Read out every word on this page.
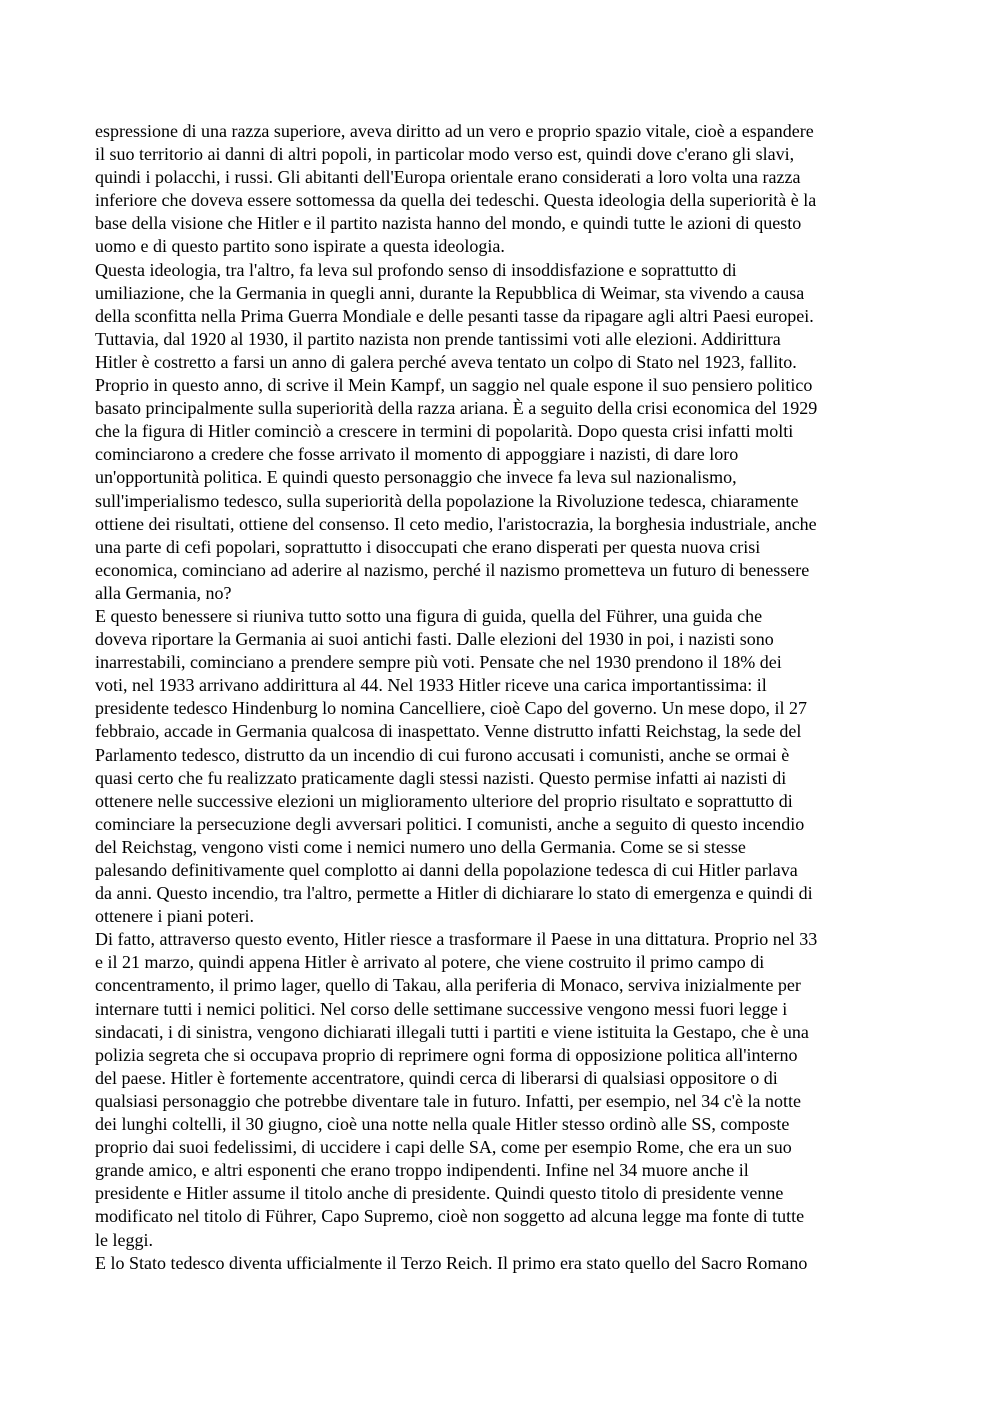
espressione di una razza superiore, aveva diritto ad un vero e proprio spazio vitale, cioè a espandere
il suo territorio ai danni di altri popoli, in particolar modo verso est, quindi dove c'erano gli slavi,
quindi i polacchi, i russi. Gli abitanti dell'Europa orientale erano considerati a loro volta una razza
inferiore che doveva essere sottomessa da quella dei tedeschi. Questa ideologia della superiorità è la
base della visione che Hitler e il partito nazista hanno del mondo, e quindi tutte le azioni di questo
uomo e di questo partito sono ispirate a questa ideologia.

Questa ideologia, tra l'altro, fa leva sul profondo senso di insoddisfazione e soprattutto di
umiliazione, che la Germania in quegli anni, durante la Repubblica di Weimar, sta vivendo a causa
della sconfitta nella Prima Guerra Mondiale e delle pesanti tasse da ripagare agli altri Paesi europei.
Tuttavia, dal 1920 al 1930, il partito nazista non prende tantissimi voti alle elezioni. Addirittura
Hitler è costretto a farsi un anno di galera perché aveva tentato un colpo di Stato nel 1923, fallito.
Proprio in questo anno, di scrive il Mein Kampf, un saggio nel quale espone il suo pensiero politico
basato principalmente sulla superiorità della razza ariana. È a seguito della crisi economica del 1929
che la figura di Hitler cominciò a crescere in termini di popolarità. Dopo questa crisi infatti molti
cominciarono a credere che fosse arrivato il momento di appoggiare i nazisti, di dare loro
un'opportunità politica. E quindi questo personaggio che invece fa leva sul nazionalismo,
sull'imperialismo tedesco, sulla superiorità della popolazione la Rivoluzione tedesca, chiaramente
ottiene dei risultati, ottiene del consenso. Il ceto medio, l'aristocrazia, la borghesia industriale, anche
una parte di cefi popolari, soprattutto i disoccupati che erano disperati per questa nuova crisi
economica, cominciano ad aderire al nazismo, perché il nazismo prometteva un futuro di benessere
alla Germania, no?

E questo benessere si riuniva tutto sotto una figura di guida, quella del Führer, una guida che
doveva riportare la Germania ai suoi antichi fasti. Dalle elezioni del 1930 in poi, i nazisti sono
inarrestabili, cominciano a prendere sempre più voti. Pensate che nel 1930 prendono il 18% dei
voti, nel 1933 arrivano addirittura al 44. Nel 1933 Hitler riceve una carica importantissima: il
presidente tedesco Hindenburg lo nomina Cancelliere, cioè Capo del governo. Un mese dopo, il 27
febbraio, accade in Germania qualcosa di inaspettato. Venne distrutto infatti Reichstag, la sede del
Parlamento tedesco, distrutto da un incendio di cui furono accusati i comunisti, anche se ormai è
quasi certo che fu realizzato praticamente dagli stessi nazisti. Questo permise infatti ai nazisti di
ottenere nelle successive elezioni un miglioramento ulteriore del proprio risultato e soprattutto di
cominciare la persecuzione degli avversari politici. I comunisti, anche a seguito di questo incendio
del Reichstag, vengono visti come i nemici numero uno della Germania. Come se si stesse
palesando definitivamente quel complotto ai danni della popolazione tedesca di cui Hitler parlava
da anni. Questo incendio, tra l'altro, permette a Hitler di dichiarare lo stato di emergenza e quindi di
ottenere i piani poteri.

Di fatto, attraverso questo evento, Hitler riesce a trasformare il Paese in una dittatura. Proprio nel 33
e il 21 marzo, quindi appena Hitler è arrivato al potere, che viene costruito il primo campo di
concentramento, il primo lager, quello di Takau, alla periferia di Monaco, serviva inizialmente per
internare tutti i nemici politici. Nel corso delle settimane successive vengono messi fuori legge i
sindacati, i di sinistra, vengono dichiarati illegali tutti i partiti e viene istituita la Gestapo, che è una
polizia segreta che si occupava proprio di reprimere ogni forma di opposizione politica all'interno
del paese. Hitler è fortemente accentratore, quindi cerca di liberarsi di qualsiasi oppositore o di
qualsiasi personaggio che potrebbe diventare tale in futuro. Infatti, per esempio, nel 34 c'è la notte
dei lunghi coltelli, il 30 giugno, cioè una notte nella quale Hitler stesso ordinò alle SS, composte
proprio dai suoi fedelissimi, di uccidere i capi delle SA, come per esempio Rome, che era un suo
grande amico, e altri esponenti che erano troppo indipendenti. Infine nel 34 muore anche il
presidente e Hitler assume il titolo anche di presidente. Quindi questo titolo di presidente venne
modificato nel titolo di Führer, Capo Supremo, cioè non soggetto ad alcuna legge ma fonte di tutte
le leggi.

E lo Stato tedesco diventa ufficialmente il Terzo Reich. Il primo era stato quello del Sacro Romano
